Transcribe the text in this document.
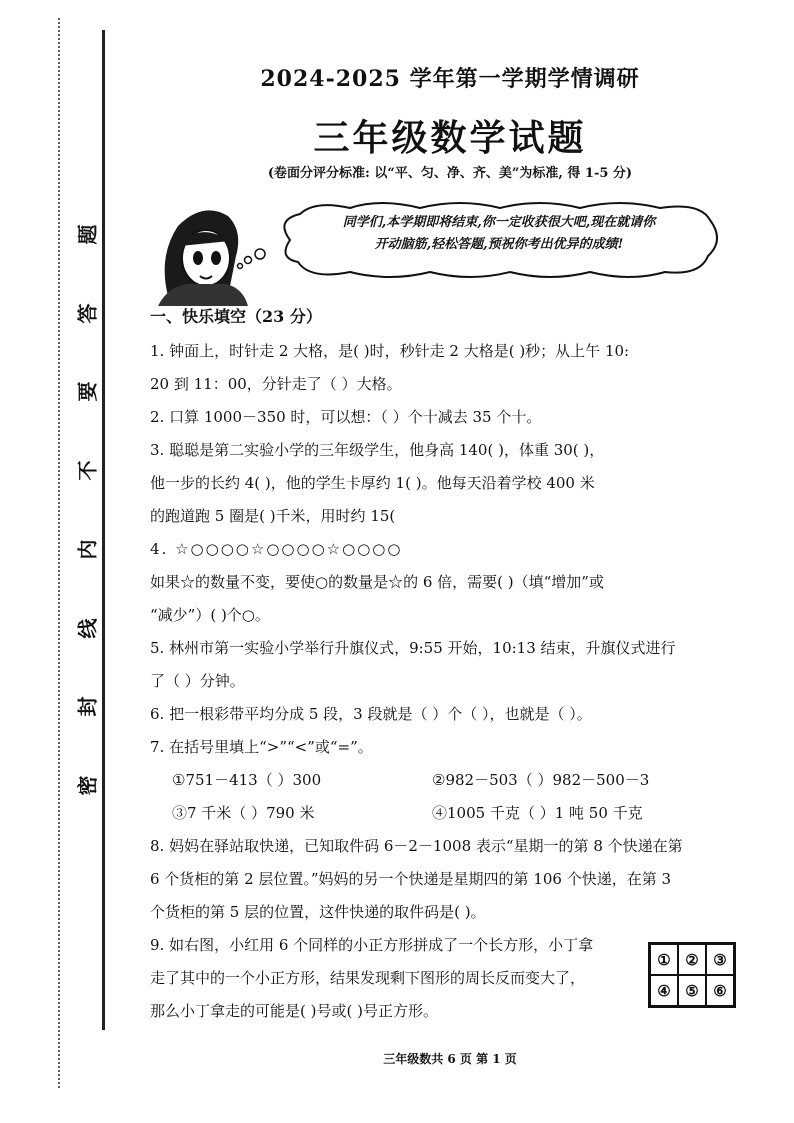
题
答
要
不
内
线
封
密
2024-2025 学年第一学期学情调研
三年级数学试题
(卷面分评分标准: 以“平、匀、净、齐、美”为标准, 得 1-5 分)
同学们,本学期即将结束,你一定收获很大吧,现在就请你
开动脑筋,轻松答题,预祝你考出优异的成绩!

一、快乐填空（23 分）

1. 钟面上，时针走 2 大格，是( )时，秒针走 2 大格是( )秒；从上午 10:

20 到 11：00，分针走了（ ）大格。

2. 口算 1000－350 时，可以想：（ ）个十减去 35 个十。

3. 聪聪是第二实验小学的三年级学生，他身高 140( )，体重 30( )，

他一步的长约 4( )，他的学生卡厚约 1( )。他每天沿着学校 400 米

的跑道跑 5 圈是( )千米，用时约 15(

4. ☆○○○○☆○○○○☆○○○○

如果☆的数量不变，要使○的数量是☆的 6 倍，需要( )（填“增加”或

“减少”）( )个○。

5. 林州市第一实验小学举行升旗仪式，9:55 开始，10:13 结束，升旗仪式进行

了（ ）分钟。

6. 把一根彩带平均分成 5 段，3 段就是（ ）个（ ），也就是（ ）。

7. 在括号里填上“>”“<”或“=”。

①751－413（ ）300	②982－503（ ）982－500－3

③7 千米（ ）790 米	④1005 千克（ ）1 吨 50 千克

8. 妈妈在驿站取快递，已知取件码 6－2－1008 表示“星期一的第 8 个快递在第

6 个货柜的第 2 层位置。”妈妈的另一个快递是星期四的第 106 个快递，在第 3

个货柜的第 5 层的位置，这件快递的取件码是( )。

9. 如右图，小红用 6 个同样的小正方形拼成了一个长方形，小丁拿

走了其中的一个小正方形，结果发现剩下图形的周长反而变大了，

那么小丁拿走的可能是( )号或( )号正方形。

① ② ③
④ ⑤ ⑥
三年级数共 6 页 第 1 页
